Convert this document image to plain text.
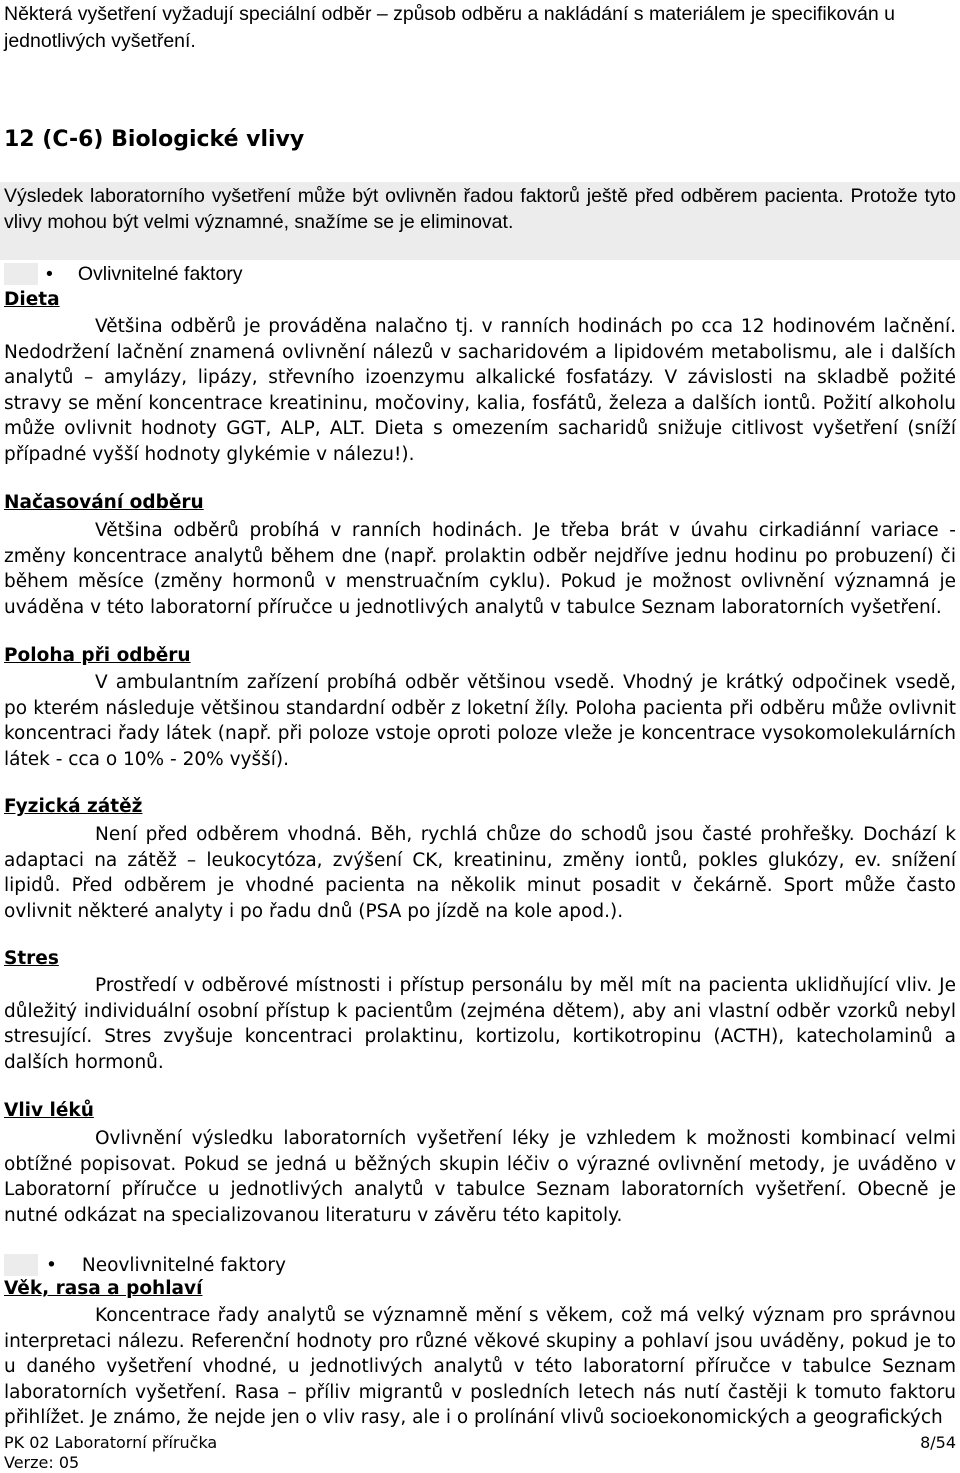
Některá vyšetření vyžadují speciální odběr – způsob odběru a nakládání s materiálem je specifikován u jednotlivých vyšetření.
12 (C-6) Biologické vlivy
Výsledek laboratorního vyšetření může být ovlivněn řadou faktorů ještě před odběrem pacienta. Protože tyto vlivy mohou být velmi významné, snažíme se je eliminovat.
• Ovlivnitelné faktory
Dieta
Většina odběrů je prováděna nalačno tj. v ranních hodinách po cca 12 hodinovém lačnění. Nedodržení lačnění znamená ovlivnění nálezů v sacharidovém a lipidovém metabolismu, ale i dalších analytů – amylázy, lipázy, střevního izoenzymu alkalické fosfatázy. V závislosti na skladbě požité stravy se mění koncentrace kreatininu, močoviny, kalia, fosfátů, železa a dalších iontů. Požití alkoholu může ovlivnit hodnoty GGT, ALP, ALT. Dieta s omezením sacharidů snižuje citlivost vyšetření (sníží případné vyšší hodnoty glykémie v nálezu!).
Načasování odběru
Většina odběrů probíhá v ranních hodinách. Je třeba brát v úvahu cirkadiánní variace - změny koncentrace analytů během dne (např. prolaktin odběr nejdříve jednu hodinu po probuzení) či během měsíce (změny hormonů v menstruačním cyklu). Pokud je možnost ovlivnění významná je uváděna v této laboratorní příručce u jednotlivých analytů v tabulce Seznam laboratorních vyšetření.
Poloha při odběru
V ambulantním zařízení probíhá odběr většinou vsedě. Vhodný je krátký odpočinek vsedě, po kterém následuje většinou standardní odběr z loketní žíly. Poloha pacienta při odběru může ovlivnit koncentraci řady látek (např. při poloze vstoje oproti poloze vleže je koncentrace vysokomolekulárních látek - cca o 10% - 20% vyšší).
Fyzická zátěž
Není před odběrem vhodná. Běh, rychlá chůze do schodů jsou časté prohřešky. Dochází k adaptaci na zátěž – leukocytóza, zvýšení CK, kreatininu, změny iontů, pokles glukózy, ev. snížení lipidů. Před odběrem je vhodné pacienta na několik minut posadit v čekárně. Sport může často ovlivnit některé analyty i po řadu dnů (PSA po jízdě na kole apod.).
Stres
Prostředí v odběrové místnosti i přístup personálu by měl mít na pacienta uklidňující vliv. Je důležitý individuální osobní přístup k pacientům (zejména dětem), aby ani vlastní odběr vzorků nebyl stresující. Stres zvyšuje koncentraci prolaktinu, kortizolu, kortikotropinu (ACTH), katecholaminů a dalších hormonů.
Vliv léků
Ovlivnění výsledku laboratorních vyšetření léky je vzhledem k možnosti kombinací velmi obtížné popisovat. Pokud se jedná u běžných skupin léčiv o výrazné ovlivnění metody, je uváděno v Laboratorní příručce u jednotlivých analytů v tabulce Seznam laboratorních vyšetření. Obecně je nutné odkázat na specializovanou literaturu v závěru této kapitoly.
• Neovlivnitelné faktory
Věk, rasa a pohlaví
Koncentrace řady analytů se významně mění s věkem, což má velký význam pro správnou interpretaci nálezu. Referenční hodnoty pro různé věkové skupiny a pohlaví jsou uváděny, pokud je to u daného vyšetření vhodné, u jednotlivých analytů v této laboratorní příručce v tabulce Seznam laboratorních vyšetření. Rasa – příliv migrantů v posledních letech nás nutí častěji k tomuto faktoru přihlížet. Je známo, že nejde jen o vliv rasy, ale i o prolínání vlivů socioekonomických a geografických
PK 02 Laboratorní příručka
Verze: 05
8/54
